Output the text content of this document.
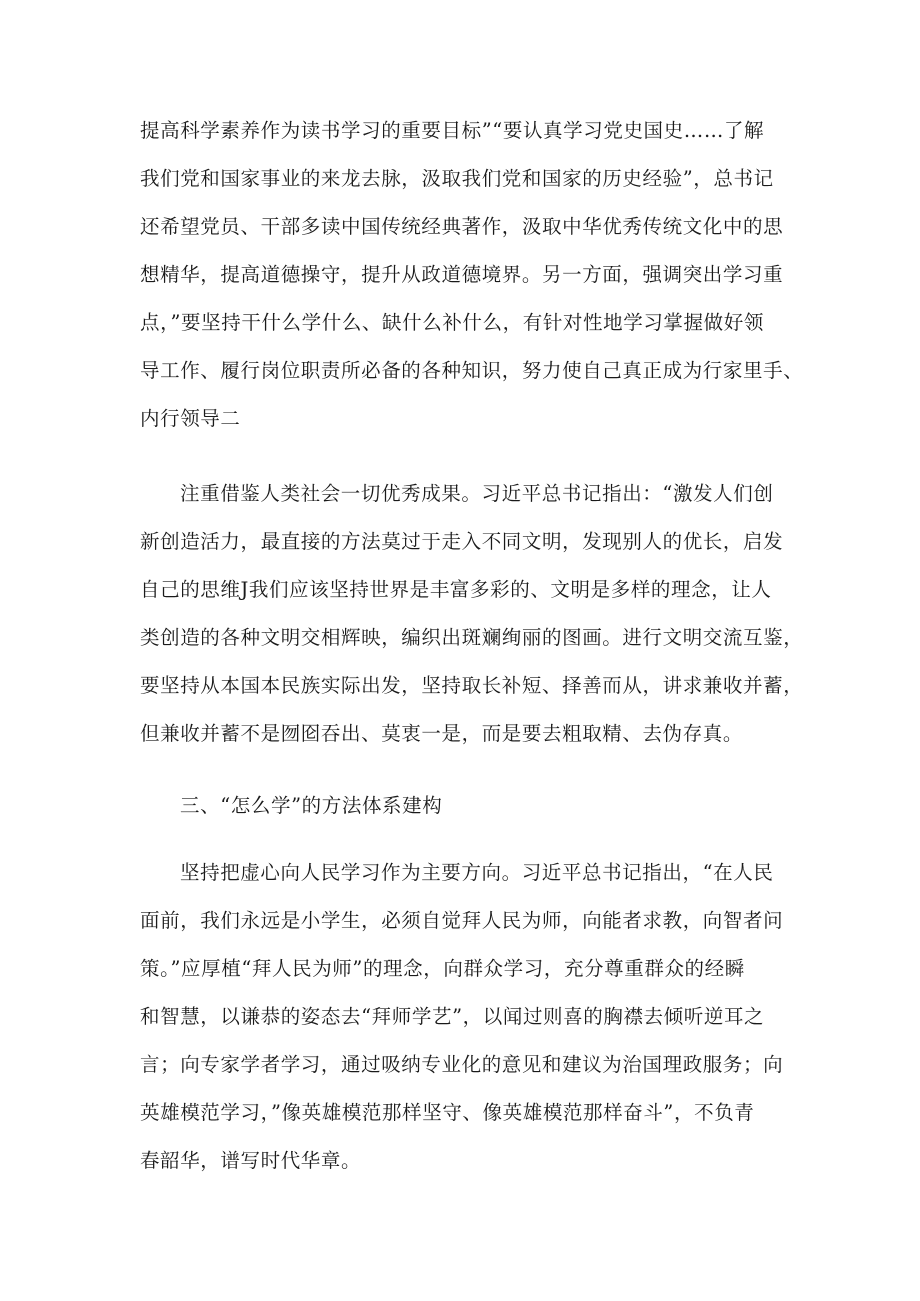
提高科学素养作为读书学习的重要目标”“要认真学习党史国史……了解
我们党和国家事业的来龙去脉，汲取我们党和国家的历史经验”，总书记
还希望党员、干部多读中国传统经典著作，汲取中华优秀传统文化中的思
想精华，提高道德操守，提升从政道德境界。另一方面，强调突出学习重
点，”要坚持干什么学什么、缺什么补什么，有针对性地学习掌握做好领
导工作、履行岗位职责所必备的各种知识，努力使自己真正成为行家里手、
内行领导二
注重借鉴人类社会一切优秀成果。习近平总书记指出：“激发人们创
新创造活力，最直接的方法莫过于走入不同文明，发现别人的优长，启发
自己的思维J我们应该坚持世界是丰富多彩的、文明是多样的理念，让人
类创造的各种文明交相辉映，编织出斑斓绚丽的图画。进行文明交流互鉴，
要坚持从本国本民族实际出发，坚持取长补短、择善而从，讲求兼收并蓄，
但兼收并蓄不是囫囵吞出、莫衷一是，而是要去粗取精、去伪存真。
三、“怎么学”的方法体系建构
坚持把虚心向人民学习作为主要方向。习近平总书记指出，“在人民
面前，我们永远是小学生，必须自觉拜人民为师，向能者求教，向智者问
策。”应厚植“拜人民为师”的理念，向群众学习，充分尊重群众的经瞬
和智慧，以谦恭的姿态去“拜师学艺”，以闻过则喜的胸襟去倾听逆耳之
言；向专家学者学习，通过吸纳专业化的意见和建议为治国理政服务；向
英雄模范学习，”像英雄模范那样坚守、像英雄模范那样奋斗”，不负青
春韶华，谱写时代华章。
